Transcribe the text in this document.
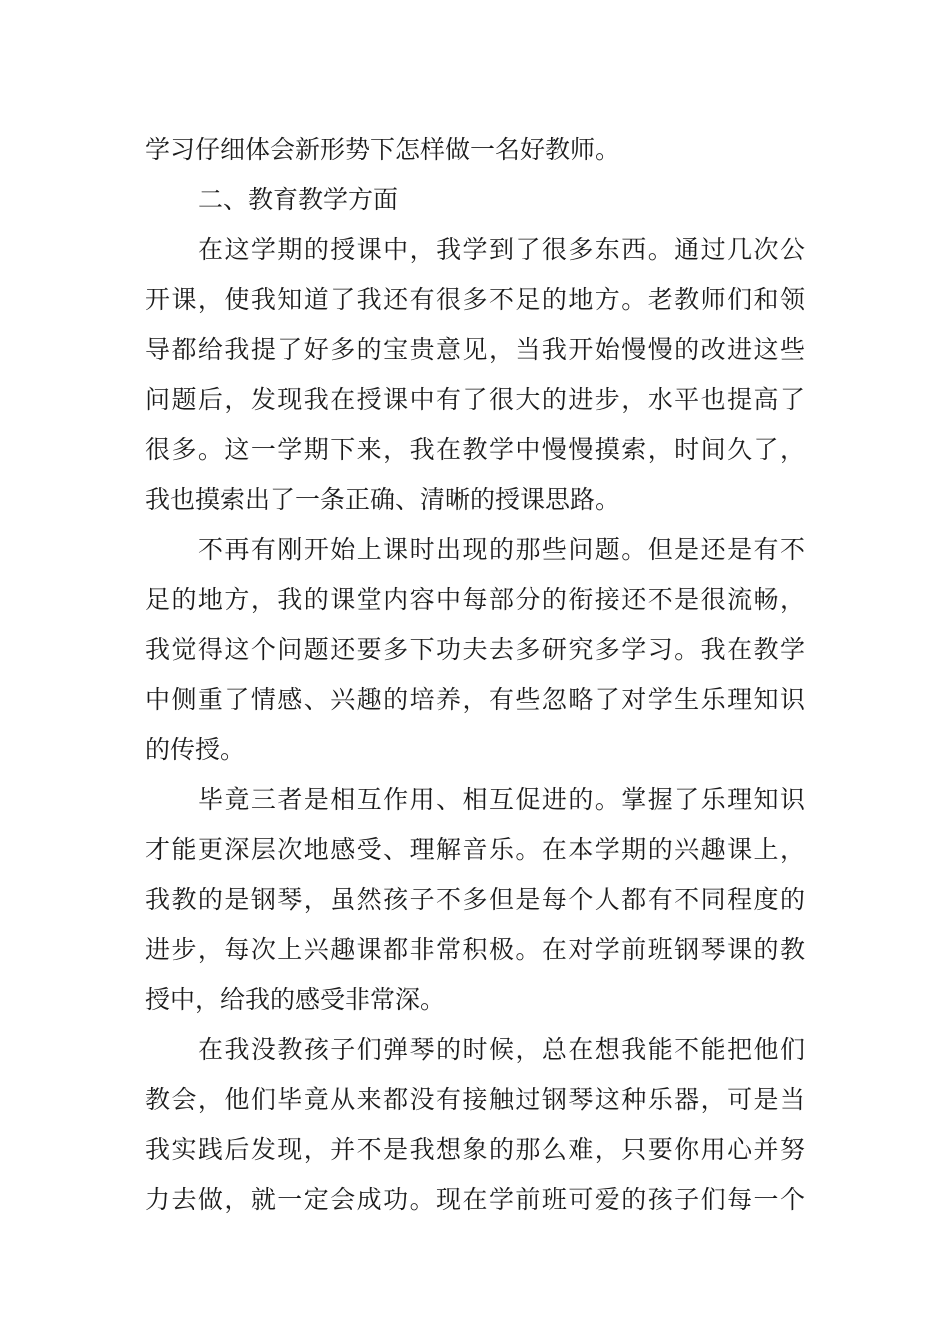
学习仔细体会新形势下怎样做一名好教师。
二、教育教学方面
在这学期的授课中，我学到了很多东西。通过几次公
开课，使我知道了我还有很多不足的地方。老教师们和领
导都给我提了好多的宝贵意见，当我开始慢慢的改进这些
问题后，发现我在授课中有了很大的进步，水平也提高了
很多。这一学期下来，我在教学中慢慢摸索，时间久了，
我也摸索出了一条正确、清晰的授课思路。
不再有刚开始上课时出现的那些问题。但是还是有不
足的地方，我的课堂内容中每部分的衔接还不是很流畅，
我觉得这个问题还要多下功夫去多研究多学习。我在教学
中侧重了情感、兴趣的培养，有些忽略了对学生乐理知识
的传授。
毕竟三者是相互作用、相互促进的。掌握了乐理知识
才能更深层次地感受、理解音乐。在本学期的兴趣课上，
我教的是钢琴，虽然孩子不多但是每个人都有不同程度的
进步，每次上兴趣课都非常积极。在对学前班钢琴课的教
授中，给我的感受非常深。
在我没教孩子们弹琴的时候，总在想我能不能把他们
教会，他们毕竟从来都没有接触过钢琴这种乐器，可是当
我实践后发现，并不是我想象的那么难，只要你用心并努
力去做，就一定会成功。现在学前班可爱的孩子们每一个
